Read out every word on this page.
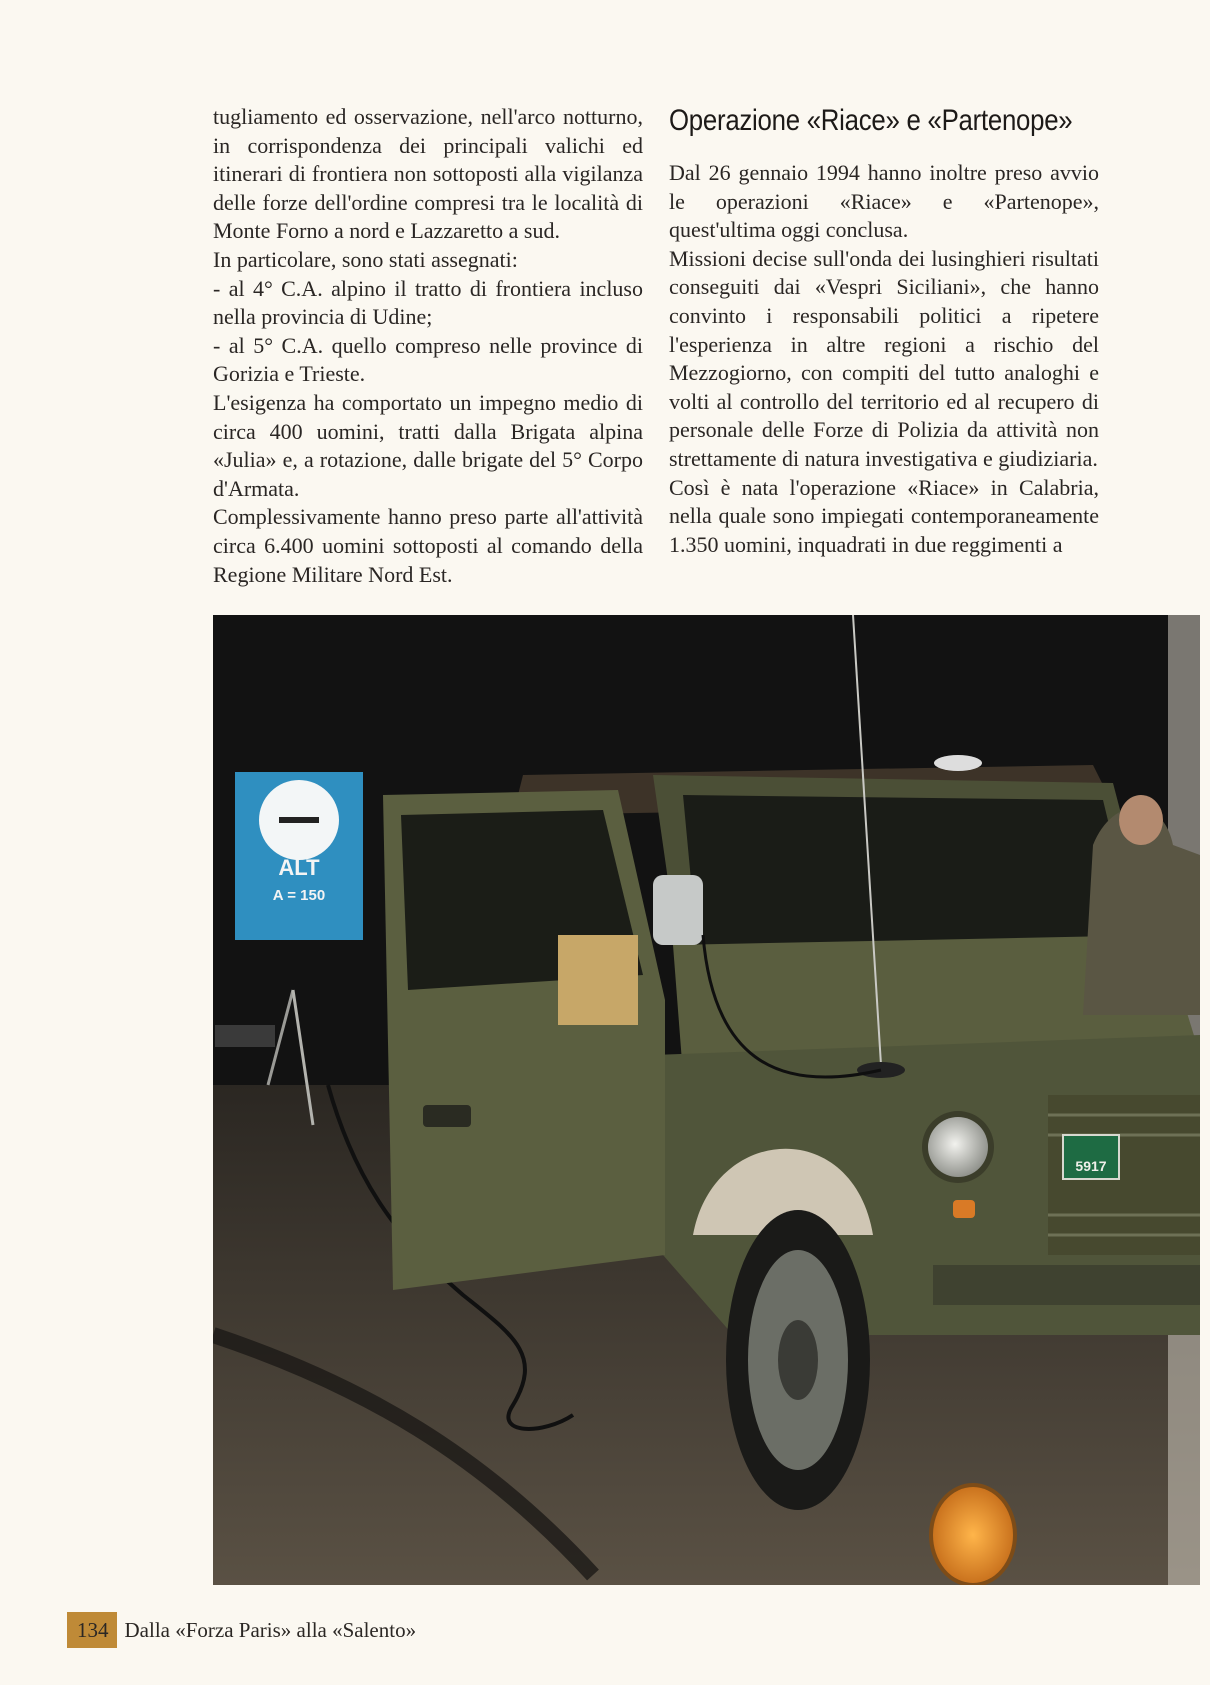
tugliamento ed osservazione, nell'arco notturno, in corrispondenza dei principali valichi ed itinerari di frontiera non sottoposti alla vigilanza delle forze dell'ordine compresi tra le località di Monte Forno a nord e Lazzaretto a sud.

In particolare, sono stati assegnati:

- al 4° C.A. alpino il tratto di frontiera incluso nella provincia di Udine;

- al 5° C.A. quello compreso nelle province di Gorizia e Trieste.

L'esigenza ha comportato un impegno medio di circa 400 uomini, tratti dalla Brigata alpina «Julia» e, a rotazione, dalle brigate del 5° Corpo d'Armata.

Complessivamente hanno preso parte all'attività circa 6.400 uomini sottoposti al comando della Regione Militare Nord Est.

Operazione «Riace» e «Partenope»

Dal 26 gennaio 1994 hanno inoltre preso avvio le operazioni «Riace» e «Partenope», quest'ultima oggi conclusa.

Missioni decise sull'onda dei lusinghieri risultati conseguiti dai «Vespri Siciliani», che hanno convinto i responsabili politici a ripetere l'esperienza in altre regioni a rischio del Mezzogiorno, con compiti del tutto analoghi e volti al controllo del territorio ed al recupero di personale delle Forze di Polizia da attività non strettamente di natura investigativa e giudiziaria.

Così è nata l'operazione «Riace» in Calabria, nella quale sono impiegati contemporaneamente 1.350 uomini, inquadrati in due reggimenti a

ALT
A = 150
5917
134 Dalla «Forza Paris» alla «Salento»
